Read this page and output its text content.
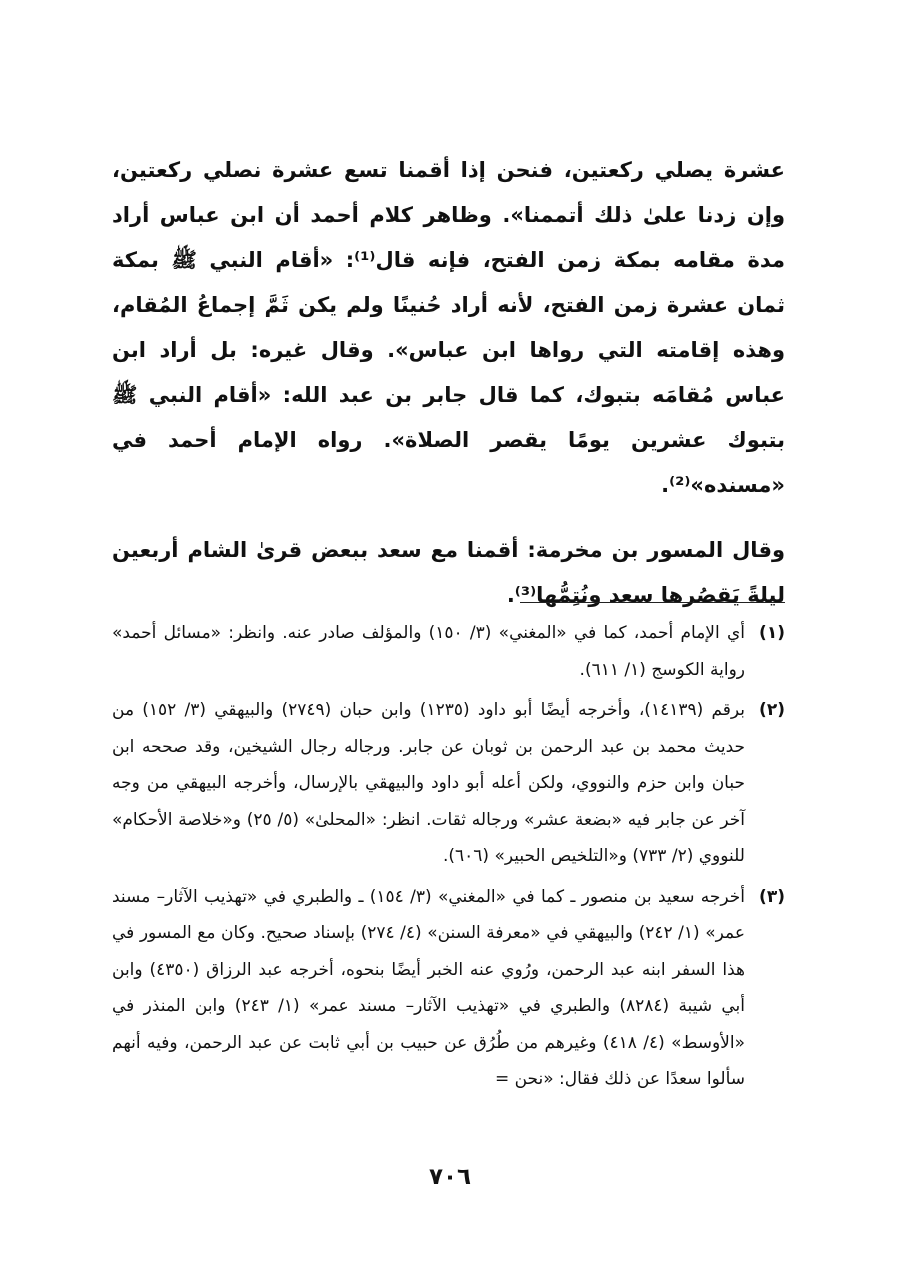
عشرة يصلي ركعتين، فنحن إذا أقمنا تسع عشرة نصلي ركعتين، وإن زدنا علىٰ ذلك أتممنا». وظاهر كلام أحمد أن ابن عباس أراد مدة مقامه بمكة زمن الفتح، فإنه قال⁽¹⁾: «أقام النبي ﷺ بمكة ثمان عشرة زمن الفتح، لأنه أراد حُنينًا ولم يكن ثَمَّ إجماعُ المُقام، وهذه إقامته التي رواها ابن عباس». وقال غيره: بل أراد ابن عباس مُقامَه بتبوك، كما قال جابر بن عبد الله: «أقام النبي ﷺ بتبوك عشرين يومًا يقصر الصلاة». رواه الإمام أحمد في «مسنده»⁽²⁾.

وقال المسور بن مخرمة: أقمنا مع سعد ببعض قرىٰ الشام أربعين ليلةً يَقصُرها سعد ونُتِمُّها⁽³⁾.

(١)
أي الإمام أحمد، كما في «المغني» (٣/ ١٥٠) والمؤلف صادر عنه. وانظر: «مسائل أحمد» رواية الكوسج (١/ ٦١١).
(٢)
برقم (١٤١٣٩)، وأخرجه أيضًا أبو داود (١٢٣٥) وابن حبان (٢٧٤٩) والبيهقي (٣/ ١٥٢) من حديث محمد بن عبد الرحمن بن ثوبان عن جابر. ورجاله رجال الشيخين، وقد صححه ابن حبان وابن حزم والنووي، ولكن أعله أبو داود والبيهقي بالإرسال، وأخرجه البيهقي من وجه آخر عن جابر فيه «بضعة عشر» ورجاله ثقات. انظر: «المحلىٰ» (٥/ ٢٥) و«خلاصة الأحكام» للنووي (٢/ ٧٣٣) و«التلخيص الحبير» (٦٠٦).
(٣)
أخرجه سعيد بن منصور ـ كما في «المغني» (٣/ ١٥٤) ـ والطبري في «تهذيب الآثار– مسند عمر» (١/ ٢٤٢) والبيهقي في «معرفة السنن» (٤/ ٢٧٤) بإسناد صحيح. وكان مع المسور في هذا السفر ابنه عبد الرحمن، ورُوي عنه الخبر أيضًا بنحوه، أخرجه عبد الرزاق (٤٣٥٠) وابن أبي شيبة (٨٢٨٤) والطبري في «تهذيب الآثار– مسند عمر» (١/ ٢٤٣) وابن المنذر في «الأوسط» (٤/ ٤١٨) وغيرهم من طُرُق عن حبيب بن أبي ثابت عن عبد الرحمن، وفيه أنهم سألوا سعدًا عن ذلك فقال: «نحن =
٧٠٦
